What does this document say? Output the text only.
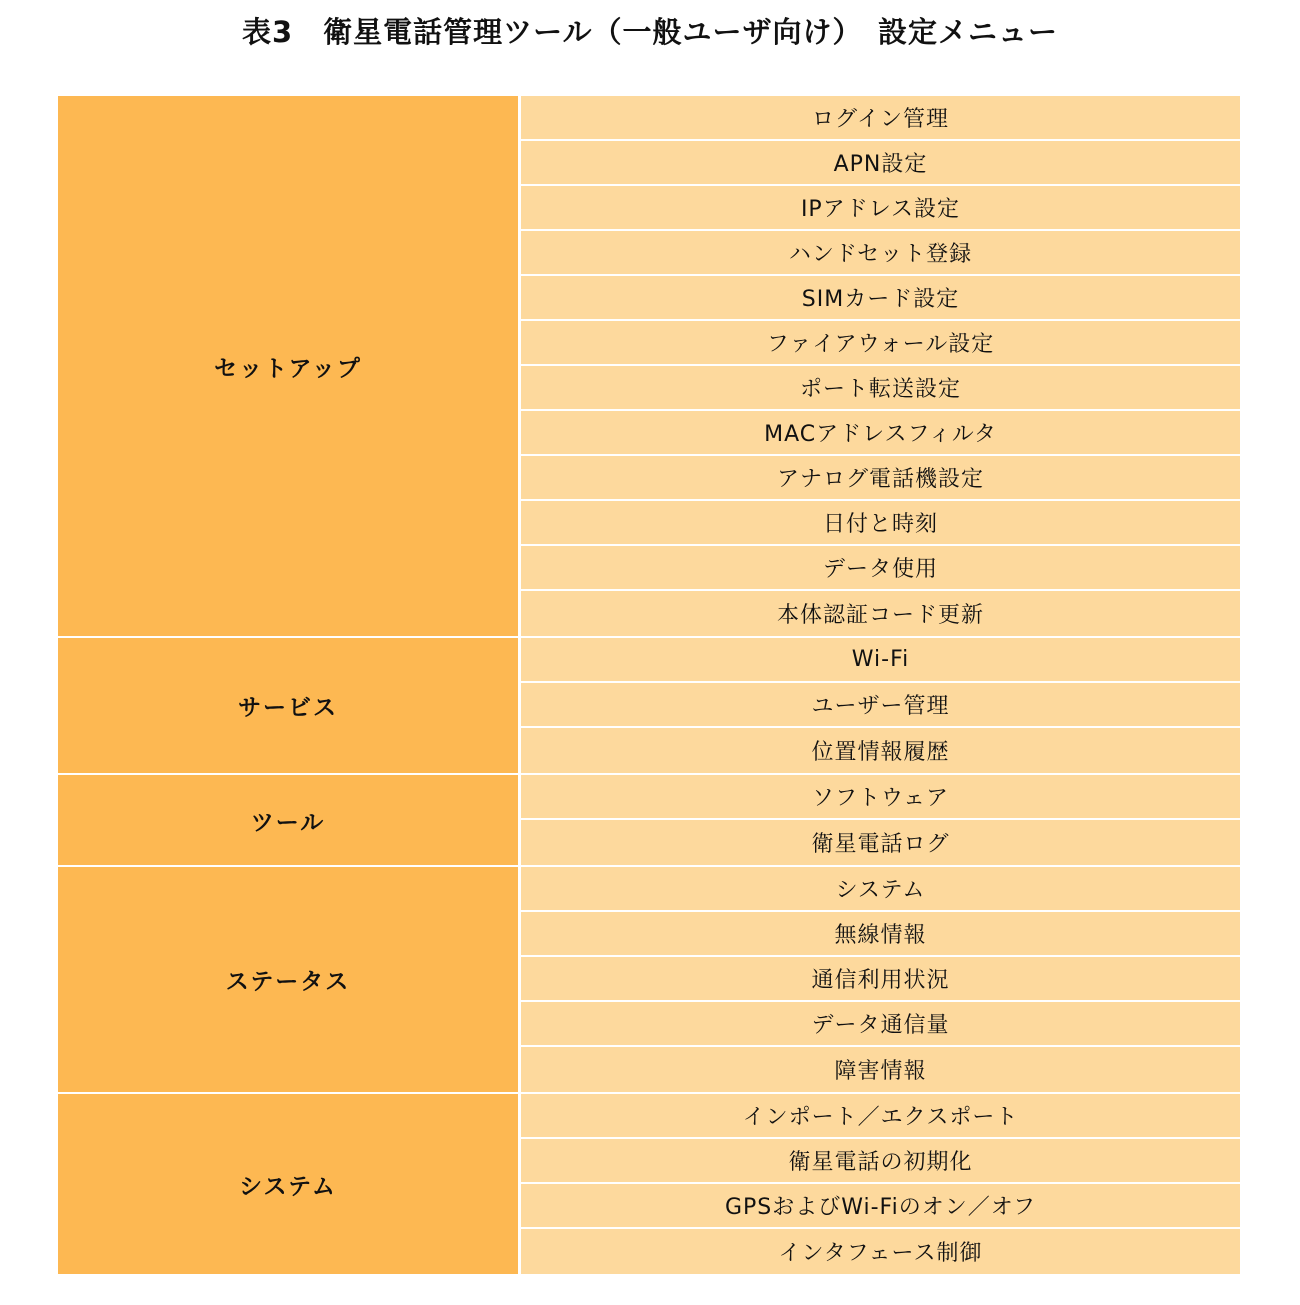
表3　衛星電話管理ツール（一般ユーザ向け）　設定メニュー
セットアップ
ログイン管理
APN設定
IPアドレス設定
ハンドセット登録
SIMカード設定
ファイアウォール設定
ポート転送設定
MACアドレスフィルタ
アナログ電話機設定
日付と時刻
データ使用
本体認証コード更新
サービス
Wi-Fi
ユーザー管理
位置情報履歴
ツール
ソフトウェア
衛星電話ログ
ステータス
システム
無線情報
通信利用状況
データ通信量
障害情報
システム
インポート／エクスポート
衛星電話の初期化
GPSおよびWi-Fiのオン／オフ
インタフェース制御
